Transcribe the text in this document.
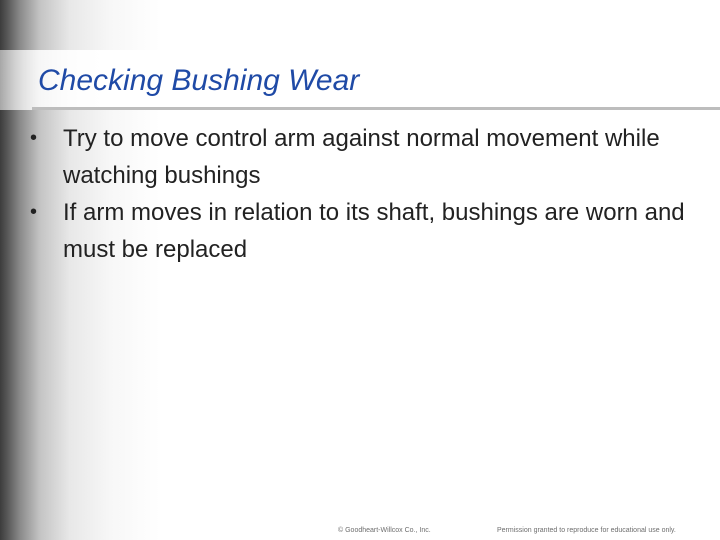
Checking Bushing Wear
•	Try to move control arm against normal movement while watching bushings
•	If arm moves in relation to its shaft, bushings are worn and must be replaced
© Goodheart-Willcox Co., Inc.	Permission granted to reproduce for educational use only.
